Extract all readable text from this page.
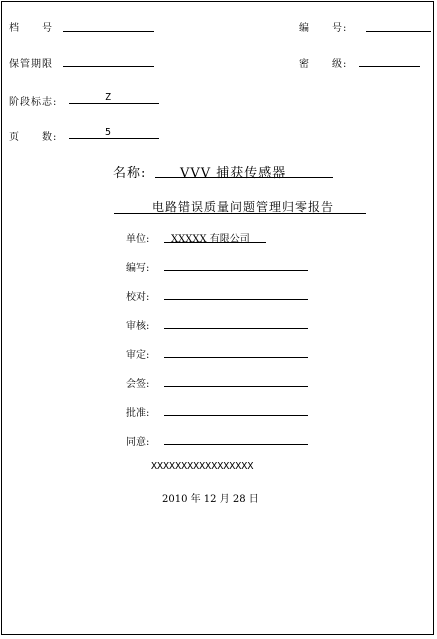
档　　号	编　　号:
保管期限	密　　级:
阶段标志:	Z
页　　数:	5
名称:	VVV 捕获传感器
电路错误质量问题管理归零报告
单位: XXXXX 有限公司
编写:
校对:
审核:
审定:
会签:
批准:
同意:
XXXXXXXXXXXXXXXXX
2010 年 12 月 28 日
